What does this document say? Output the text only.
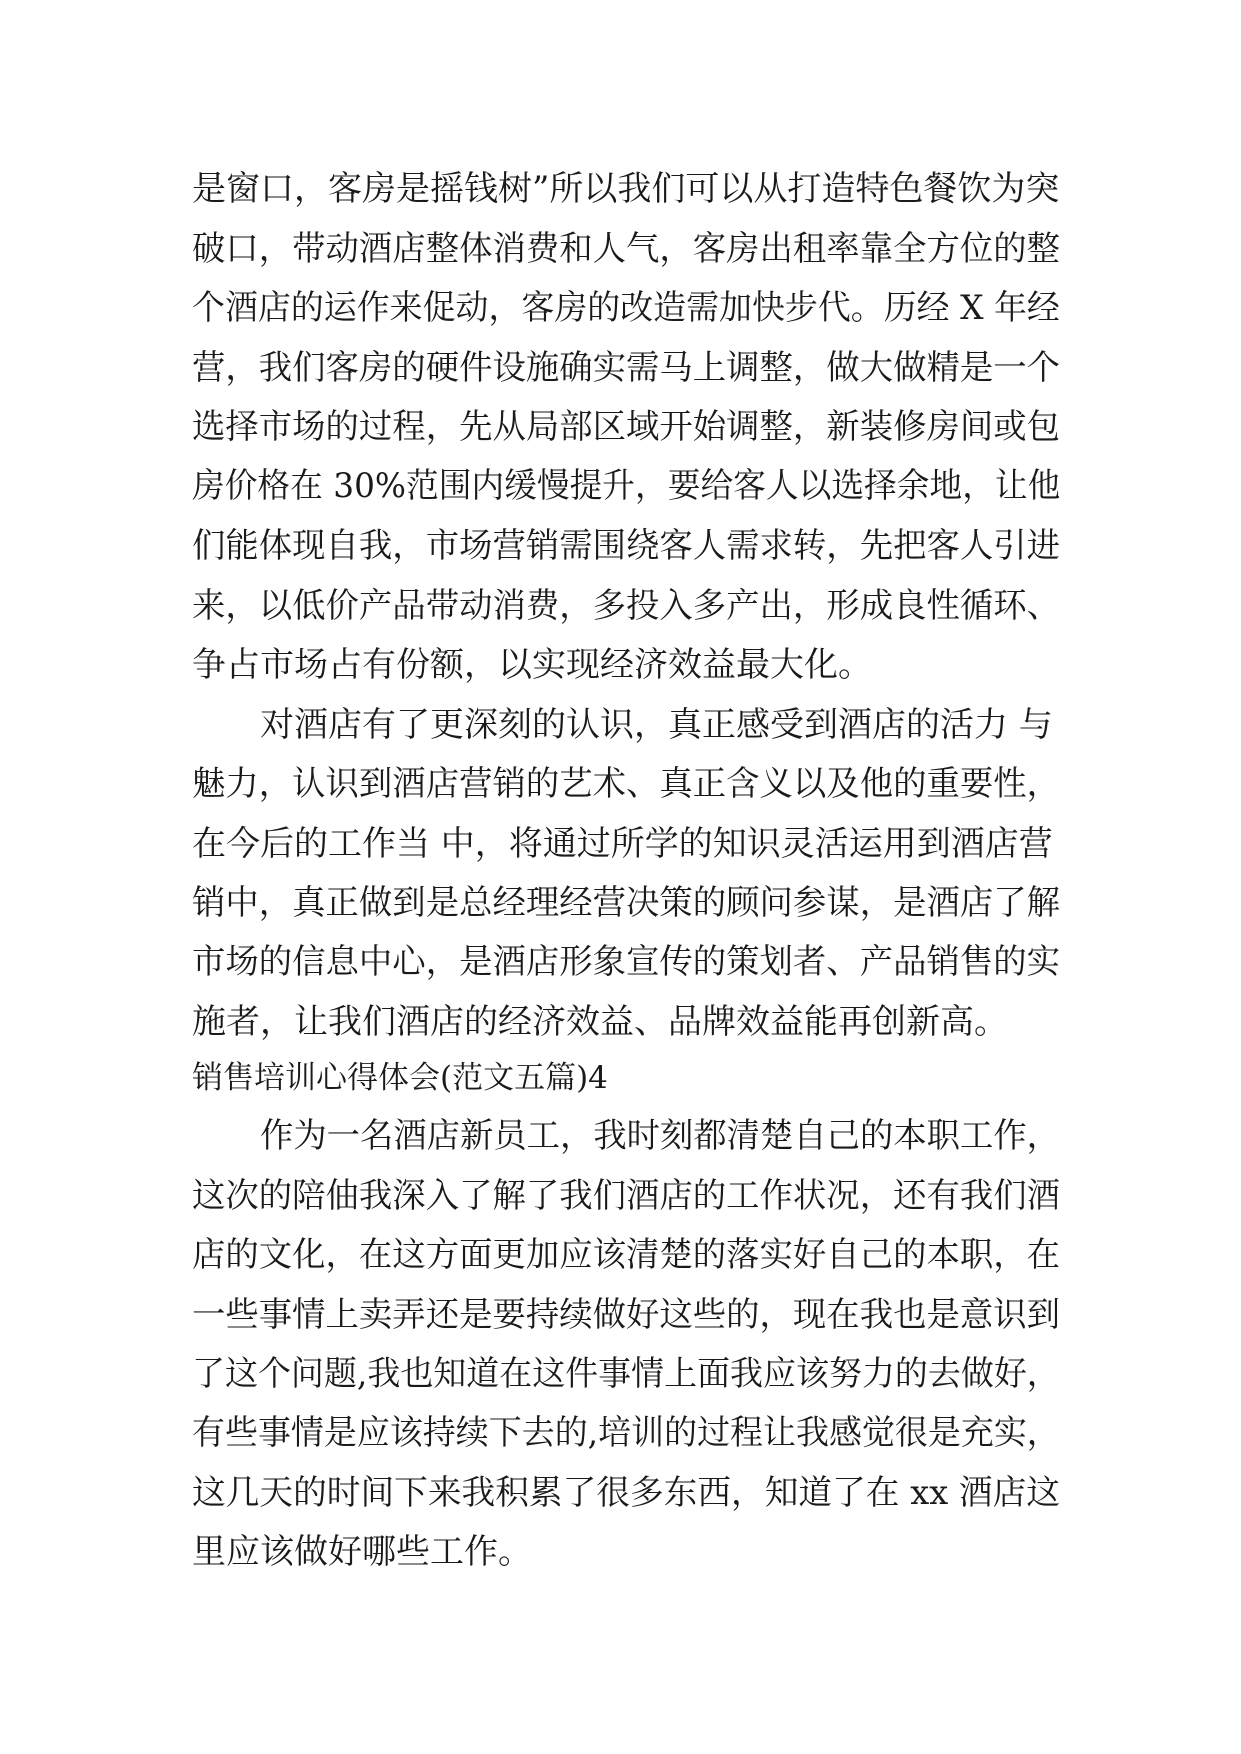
是窗口，客房是摇钱树”所以我们可以从打造特色餐饮为突
破口，带动酒店整体消费和人气，客房出租率靠全方位的整
个酒店的运作来促动，客房的改造需加快步代。历经 X 年经
营，我们客房的硬件设施确实需马上调整，做大做精是一个
选择市场的过程，先从局部区域开始调整，新装修房间或包
房价格在 30%范围内缓慢提升，要给客人以选择余地，让他
们能体现自我，市场营销需围绕客人需求转，先把客人引进
来，以低价产品带动消费，多投入多产出，形成良性循环、
争占市场占有份额，以实现经济效益最大化。
对酒店有了更深刻的认识，真正感受到酒店的活力 与
魅力，认识到酒店营销的艺术、真正含义以及他的重要性，
在今后的工作当 中，将通过所学的知识灵活运用到酒店营
销中，真正做到是总经理经营决策的顾问参谋，是酒店了解
市场的信息中心，是酒店形象宣传的策划者、产品销售的实
施者，让我们酒店的经济效益、品牌效益能再创新高。
销售培训心得体会(范文五篇)4
作为一名酒店新员工，我时刻都清楚自己的本职工作，
这次的陪伷我深入了解了我们酒店的工作状况，还有我们酒
店的文化，在这方面更加应该清楚的落实好自己的本职，在
一些事情上卖弄还是要持续做好这些的，现在我也是意识到
了这个问题,我也知道在这件事情上面我应该努力的去做好，
有些事情是应该持续下去的,培训的过程让我感觉很是充实，
这几天的时间下来我积累了很多东西，知道了在 xx 酒店这
里应该做好哪些工作。
